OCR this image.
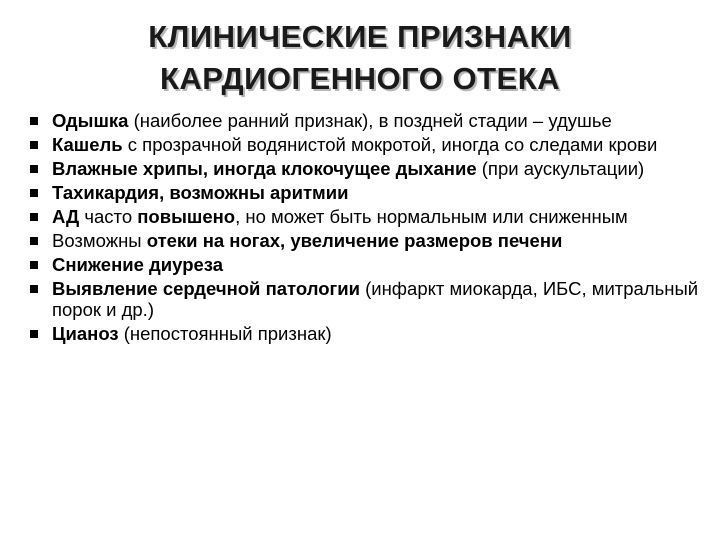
КЛИНИЧЕСКИЕ ПРИЗНАКИ
КАРДИОГЕННОГО ОТЕКА
Одышка (наиболее ранний признак), в поздней стадии – удушье
Кашель с прозрачной водянистой мокротой, иногда со следами крови
Влажные хрипы, иногда клокочущее дыхание (при аускультации)
Тахикардия, возможны аритмии
АД часто повышено, но может быть нормальным или сниженным
Возможны отеки на ногах, увеличение размеров печени
Снижение диуреза
Выявление сердечной патологии (инфаркт миокарда, ИБС, митральный порок и др.)
Цианоз (непостоянный признак)
